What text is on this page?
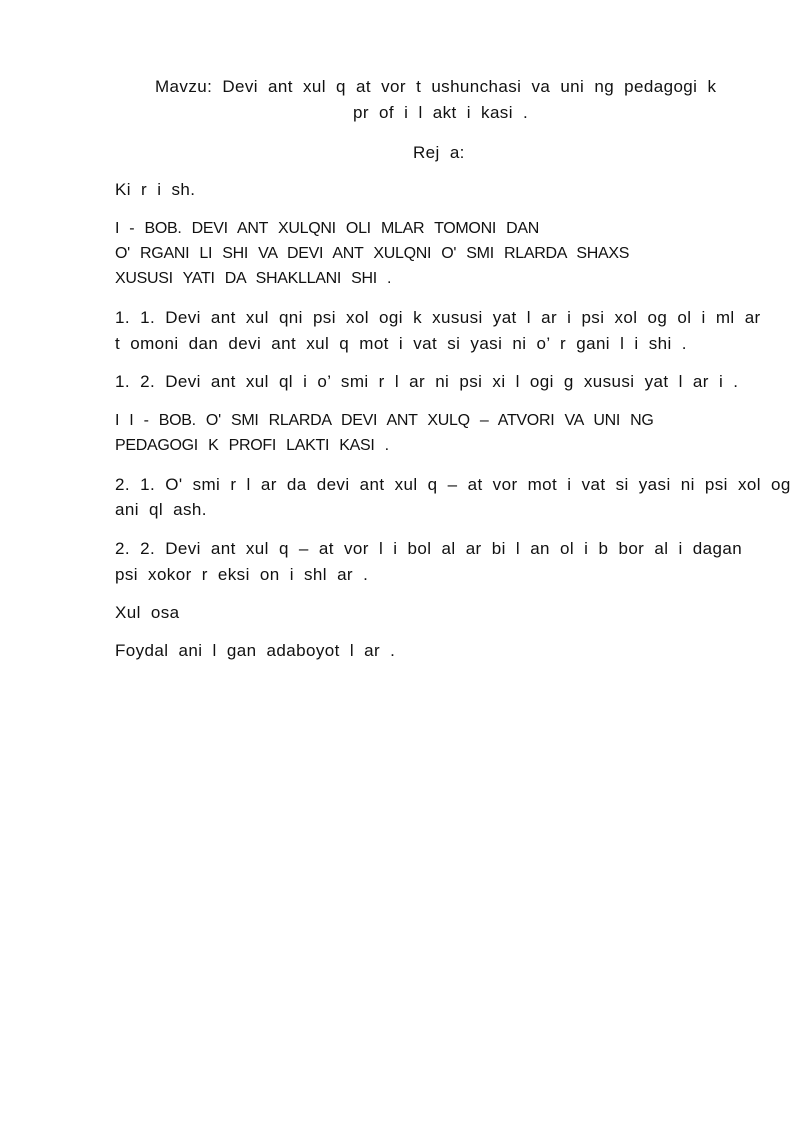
Mavzu: Devi ant xul q at vor t ushunchasi va uni ng pedagogi k

pr of i l akt i kasi .

Rej a:

Ki r i sh.

I - BOB. DEVI ANT XULQNI OLI MLAR TOMONI DAN

O' RGANI LI SHI VA DEVI ANT XULQNI O' SMI RLARDA SHAXS

XUSUSI YATI DA SHAKLLANI SHI .

1. 1. Devi ant xul qni psi xol ogi k xususi yat l ar i psi xol og ol i ml ar

t omoni dan devi ant xul q mot i vat si yasi ni o’ r gani l i shi .

1. 2. Devi ant xul ql i o’ smi r l ar ni psi xi l ogi g xususi yat l ar i .

I I - BOB. O' SMI RLARDA DEVI ANT XULQ – ATVORI VA UNI NG

PEDAGOGI K PROFI LAKTI KASI .

2. 1. O' smi r l ar da devi ant xul q – at vor mot i vat si yasi ni psi xol og

ani ql ash.

2. 2. Devi ant xul q – at vor l i bol al ar bi l an ol i b bor al i dagan

psi xokor r eksi on i shl ar .

Xul osa

Foydal ani l gan adaboyot l ar .
